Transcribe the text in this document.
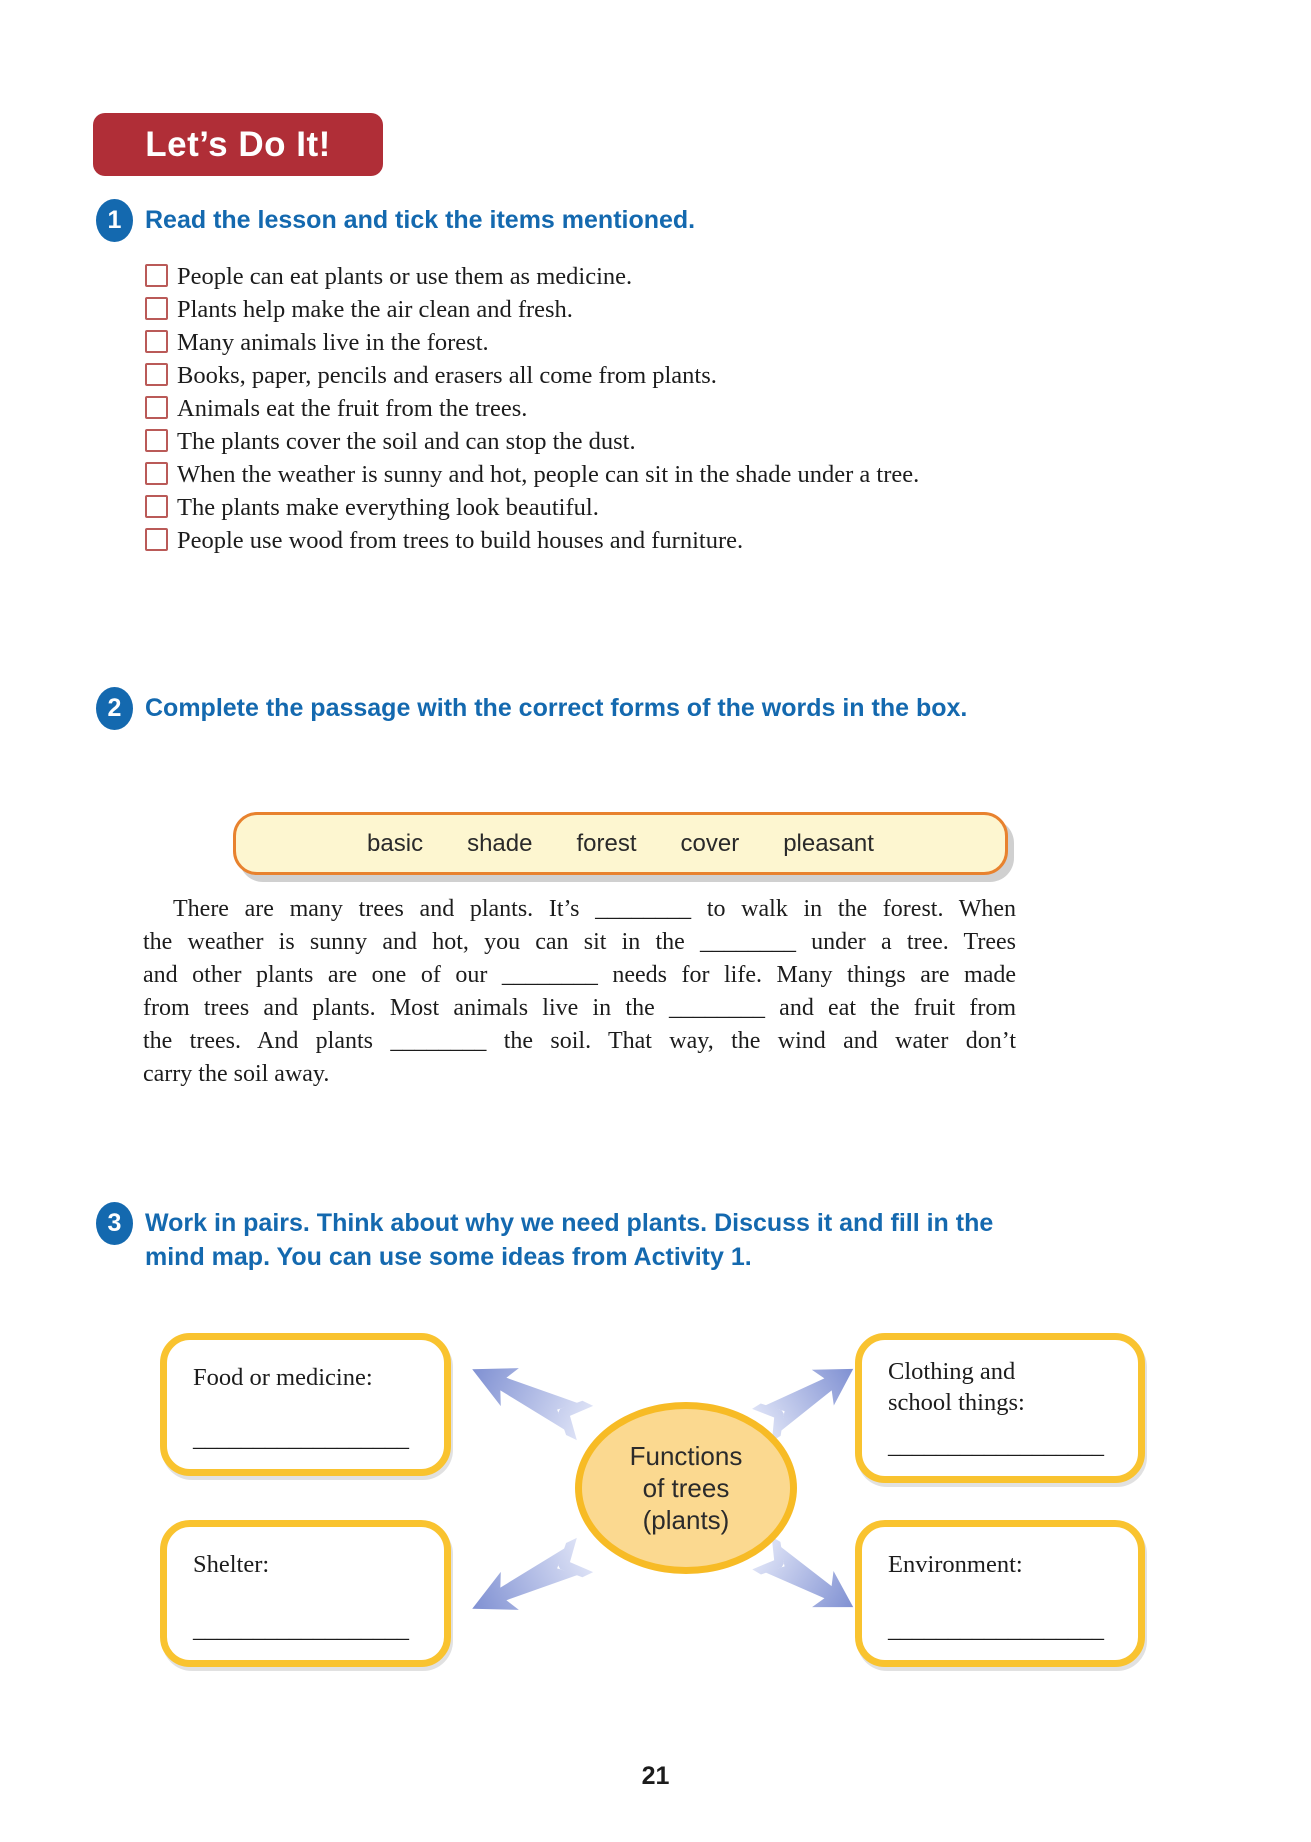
Let’s Do It!
1 Read the lesson and tick the items mentioned.
People can eat plants or use them as medicine.
Plants help make the air clean and fresh.
Many animals live in the forest.
Books, paper, pencils and erasers all come from plants.
Animals eat the fruit from the trees.
The plants cover the soil and can stop the dust.
When the weather is sunny and hot, people can sit in the shade under a tree.
The plants make everything look beautiful.
People use wood from trees to build houses and furniture.
2 Complete the passage with the correct forms of the words in the box.
basic shade forest cover pleasant
There are many trees and plants. It’s ________ to walk in the forest. When
the weather is sunny and hot, you can sit in the ________ under a tree. Trees
and other plants are one of our ________ needs for life. Many things are made
from trees and plants. Most animals live in the ________ and eat the fruit from
the trees. And plants ________ the soil. That way, the wind and water don’t
carry the soil away.
3 Work in pairs. Think about why we need plants. Discuss it and fill in the mind map. You can use some ideas from Activity 1.
Food or medicine:
__________________
Clothing and school things:
__________________
Shelter:
__________________
Environment:
__________________
Functions
of trees
(plants)
21
